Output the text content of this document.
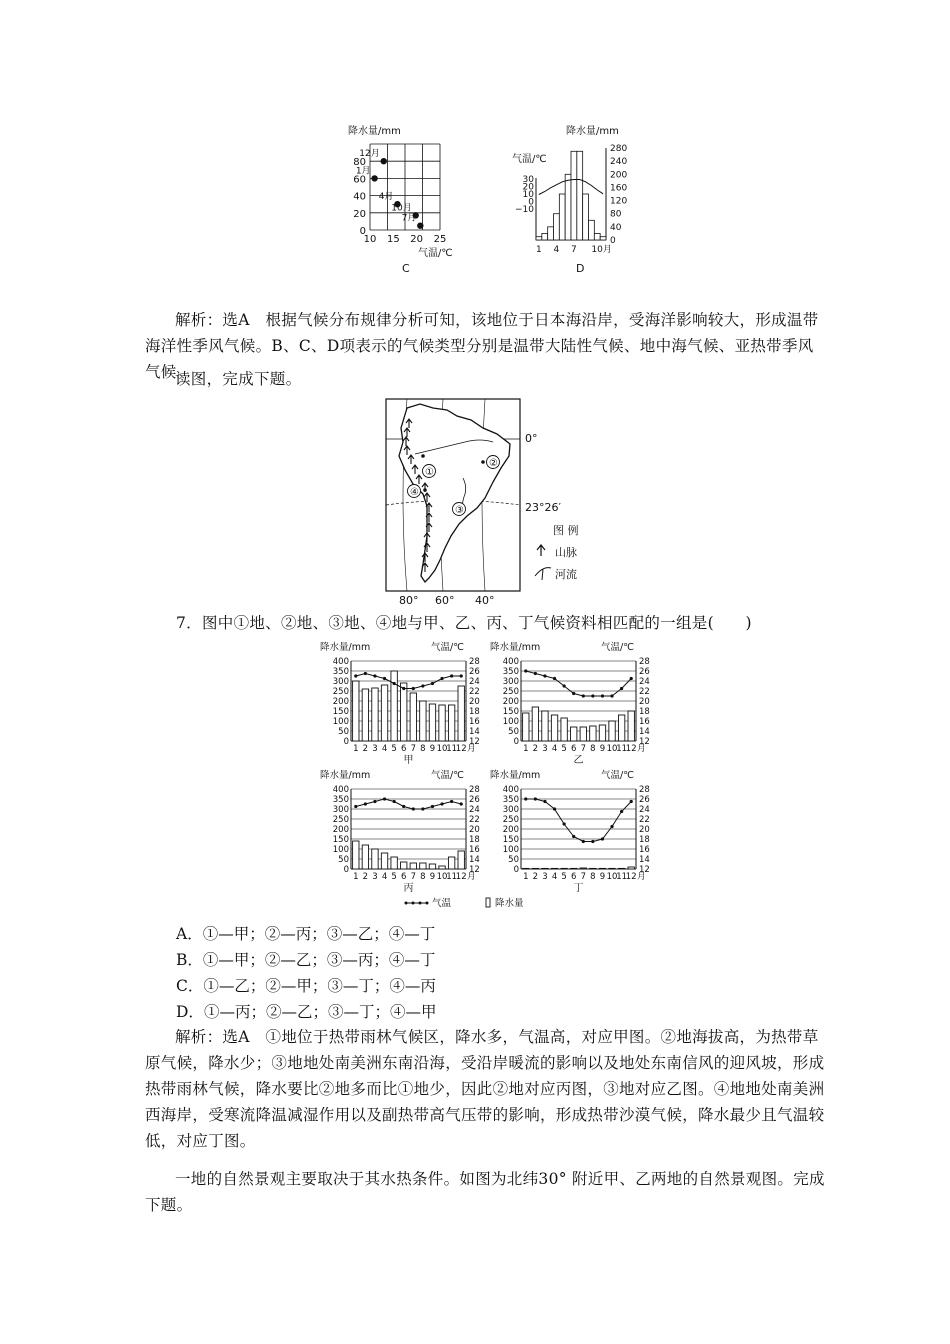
降水量/mm
80
60
40
20
0
10 15 20 25
12月
1月
4月
10月
7月
气温/℃
C
降水量/mm
气温/℃
30
20
10
0
−10
280
240
200
160
120
80
40
0
1 4 7 10月
D
解析：选A　 根据气候分布规律分析可知，该地位于日本海沿岸，受海洋影响较大，形成温带海洋性季风气候。B、C、D项表示的气候类型分别是温带大陆性气候、地中海气候、亚热带季风气候。
读图，完成下题。
①
②
③
④
0°
23°26′
80° 60° 40°
图 例
山脉
河流
7．图中①地、②地、③地、④地与甲、乙、丙、丁气候资料相匹配的一组是(　　)
降水量/mm	气温/℃
400
350
300
250
200
150
100
50
0
28
26
24
22
20
18
16
14
12
1 2 3 4 5 6 7 8 9 10
11
12 月
甲
降水量/mm	气温/℃
400
350
300
250
200
150
100
50
0
28
26
24
22
20
18
16
14
12
1 2 3 4 5 6 7 8 9 10
11
12 月
乙
降水量/mm	气温/℃
400
350
300
250
200
150
100
50
0
28
26
24
22
20
18
16
14
12
1 2 3 4 5 6 7 8 9 10
11
12 月
丙
降水量/mm	气温/℃
400
350
300
250
200
150
100
50
0
28
26
24
22
20
18
16
14
12
1 2 3 4 5 6 7 8 9 10
11
12 月
丁
气温	降水量
A．①—甲；②—丙；③—乙；④—丁
B．①—甲；②—乙；③—丙；④—丁
C．①—乙；②—甲；③—丁；④—丙
D．①—丙；②—乙；③—丁；④—甲
解析：选A　 ①地位于热带雨林气候区，降水多，气温高，对应甲图。②地海拔高，为热带草原气候，降水少；③地地处南美洲东南沿海，受沿岸暖流的影响以及地处东南信风的迎风坡，形成热带雨林气候，降水要比②地多而比①地少，因此②地对应丙图，③地对应乙图。④地地处南美洲西海岸，受寒流降温减湿作用以及副热带高气压带的影响，形成热带沙漠气候，降水最少且气温较低，对应丁图。
一地的自然景观主要取决于其水热条件。如图为北纬30° 附近甲、乙两地的自然景观图。完成下题。
